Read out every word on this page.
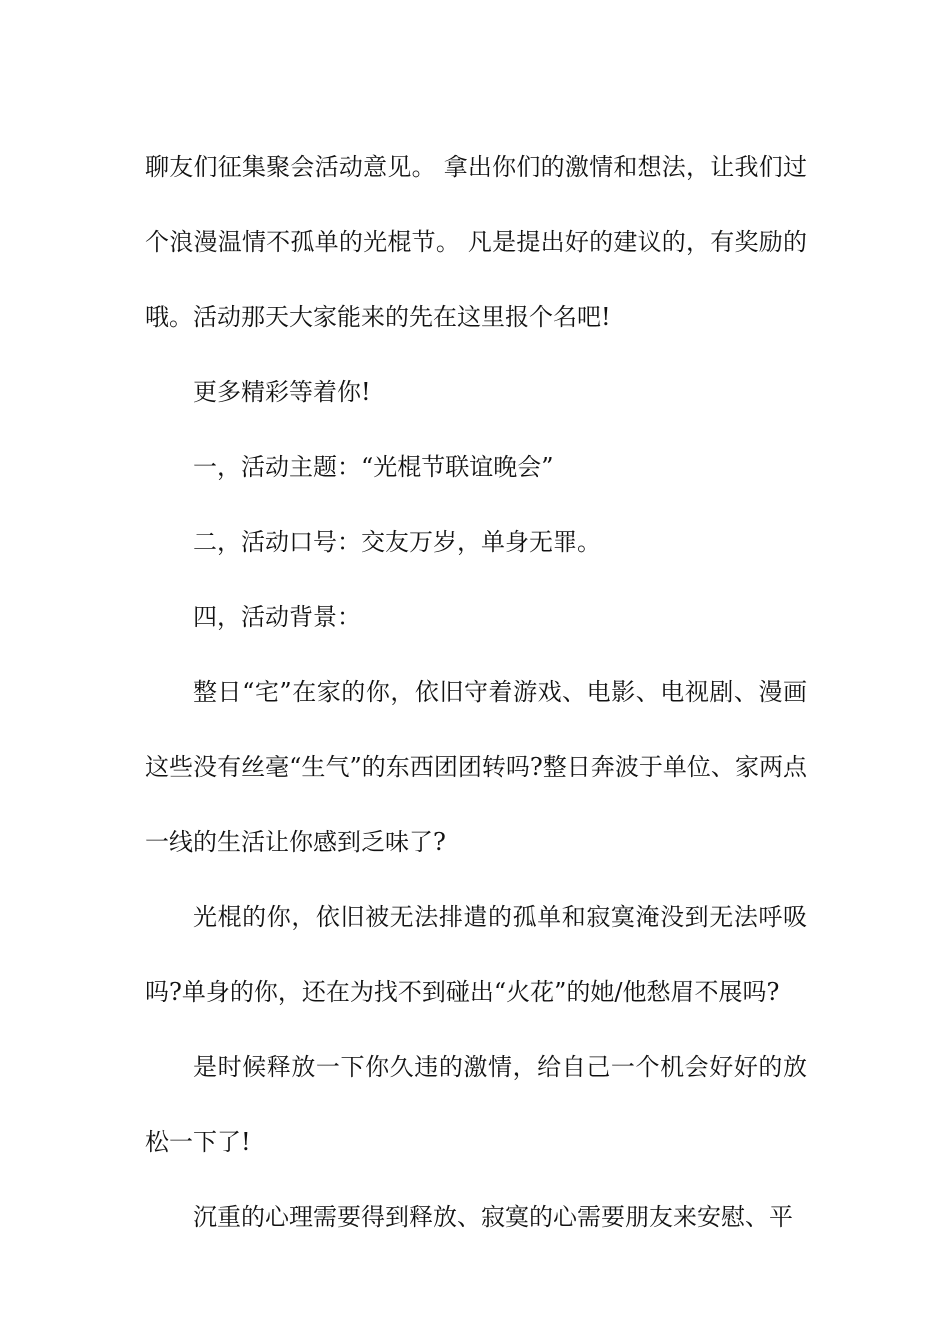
聊友们征集聚会活动意见。 拿出你们的激情和想法，让我们过个浪漫温情不孤单的光棍节。 凡是提出好的建议的，有奖励的哦。活动那天大家能来的先在这里报个名吧!

更多精彩等着你!

一，活动主题：“光棍节联谊晚会”

二，活动口号：交友万岁，单身无罪。

四，活动背景：

整日“宅”在家的你，依旧守着游戏、电影、电视剧、漫画这些没有丝毫“生气”的东西团团转吗?整日奔波于单位、家两点一线的生活让你感到乏味了?

光棍的你，依旧被无法排遣的孤单和寂寞淹没到无法呼吸吗?单身的你，还在为找不到碰出“火花”的她/他愁眉不展吗?

是时候释放一下你久违的激情，给自己一个机会好好的放松一下了!

沉重的心理需要得到释放、寂寞的心需要朋友来安慰、平
